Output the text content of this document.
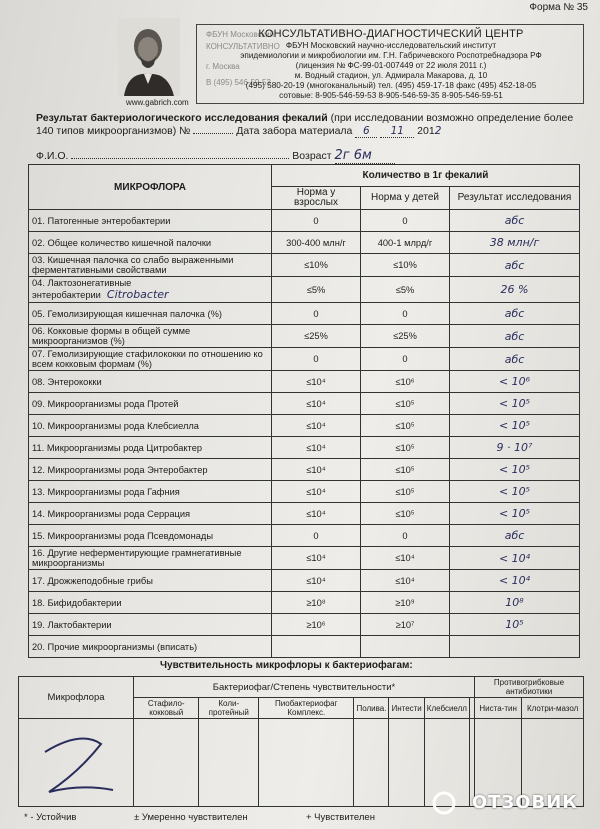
Форма № 35
www.gabrich.com
ФБУН Московский
КОНСУЛЬТАТИВНО
г. Москва
В (495) 546-59-53
КОНСУЛЬТАТИВНО-ДИАГНОСТИЧЕСКИЙ ЦЕНТР
ФБУН Московский научно-исследовательский институт
эпидемиологии и микробиологии им. Г.Н. Габричевского Роспотребнадзора РФ
(лицензия № ФС-99-01-007449 от 22 июля 2011 г.)
м. Водный стадион, ул. Адмирала Макарова, д. 10
(495) 580-20-19 (многоканальный) тел. (495) 459-17-18 факс (495) 452-18-05
сотовые: 8-905-546-59-53 8-905-546-59-35 8-905-546-59-51
Результат бактериологического исследования фекалий (при исследовании возможно определение более
140 типов микроорганизмов) №	Дата забора материала 6 11 2012
Ф.И.О.	Возраст 2г 6м
МИКРОФЛОРА	Количество в 1г фекалий		
	Норма у взрослых	Норма у детей	Результат исследования
01. Патогенные энтеробактерии	0	0	абс
02. Общее количество кишечной палочки	300-400 млн/г	400-1 млрд/г	38 млн/г
03. Кишечная палочка со слабо выраженными ферментативными свойствами	≤10%	≤10%	абс
04. Лактозонегативные энтеробактерии Citrobacter	≤5%	≤5%	26 %
05. Гемолизирующая кишечная палочка (%)	0	0	абс
06. Кокковые формы в общей сумме микроорганизмов (%)	≤25%	≤25%	абс
07. Гемолизирующие стафилококки по отношению ко всем кокковым формам (%)	0	0	абс
08. Энтерококки	≤10⁴	≤10⁶	< 10⁶
09. Микроорганизмы рода Протей	≤10⁴	≤10⁵	< 10⁵
10. Микроорганизмы рода Клебсиелла	≤10⁴	≤10⁵	< 10⁵
11. Микроорганизмы рода Цитробактер	≤10⁴	≤10⁵	9 · 10⁷
12. Микроорганизмы рода Энтеробактер	≤10⁴	≤10⁵	< 10⁵
13. Микроорганизмы рода Гафния	≤10⁴	≤10⁵	< 10⁵
14. Микроорганизмы рода Серрация	≤10⁴	≤10⁵	< 10⁵
15. Микроорганизмы рода Псевдомонады	0	0	абс
16. Другие неферментирующие грамнегативные микроорганизмы	≤10⁴	≤10⁴	< 10⁴
17. Дрожжеподобные грибы	≤10⁴	≤10⁴	< 10⁴
18. Бифидобактерии	≥10⁸	≥10⁹	10⁸
19. Лактобактерии	≥10⁶	≥10⁷	10⁵
20. Прочие микроорганизмы (вписать)			
Чувствительность микрофлоры к бактериофагам:
Микрофлора	Бактериофаг/Степень чувствительности*							Противогрибковые антибиотики	
	Стафило-кокковый	Коли-протейный	Пиобактериофаг Комплекс.	Полива.	Интести	Клебсиелл		Ниста-тин	Клотри-мазол

* - Устойчив	± Умеренно чувствителен	+ Чувствителен
ОТЗОВИК
